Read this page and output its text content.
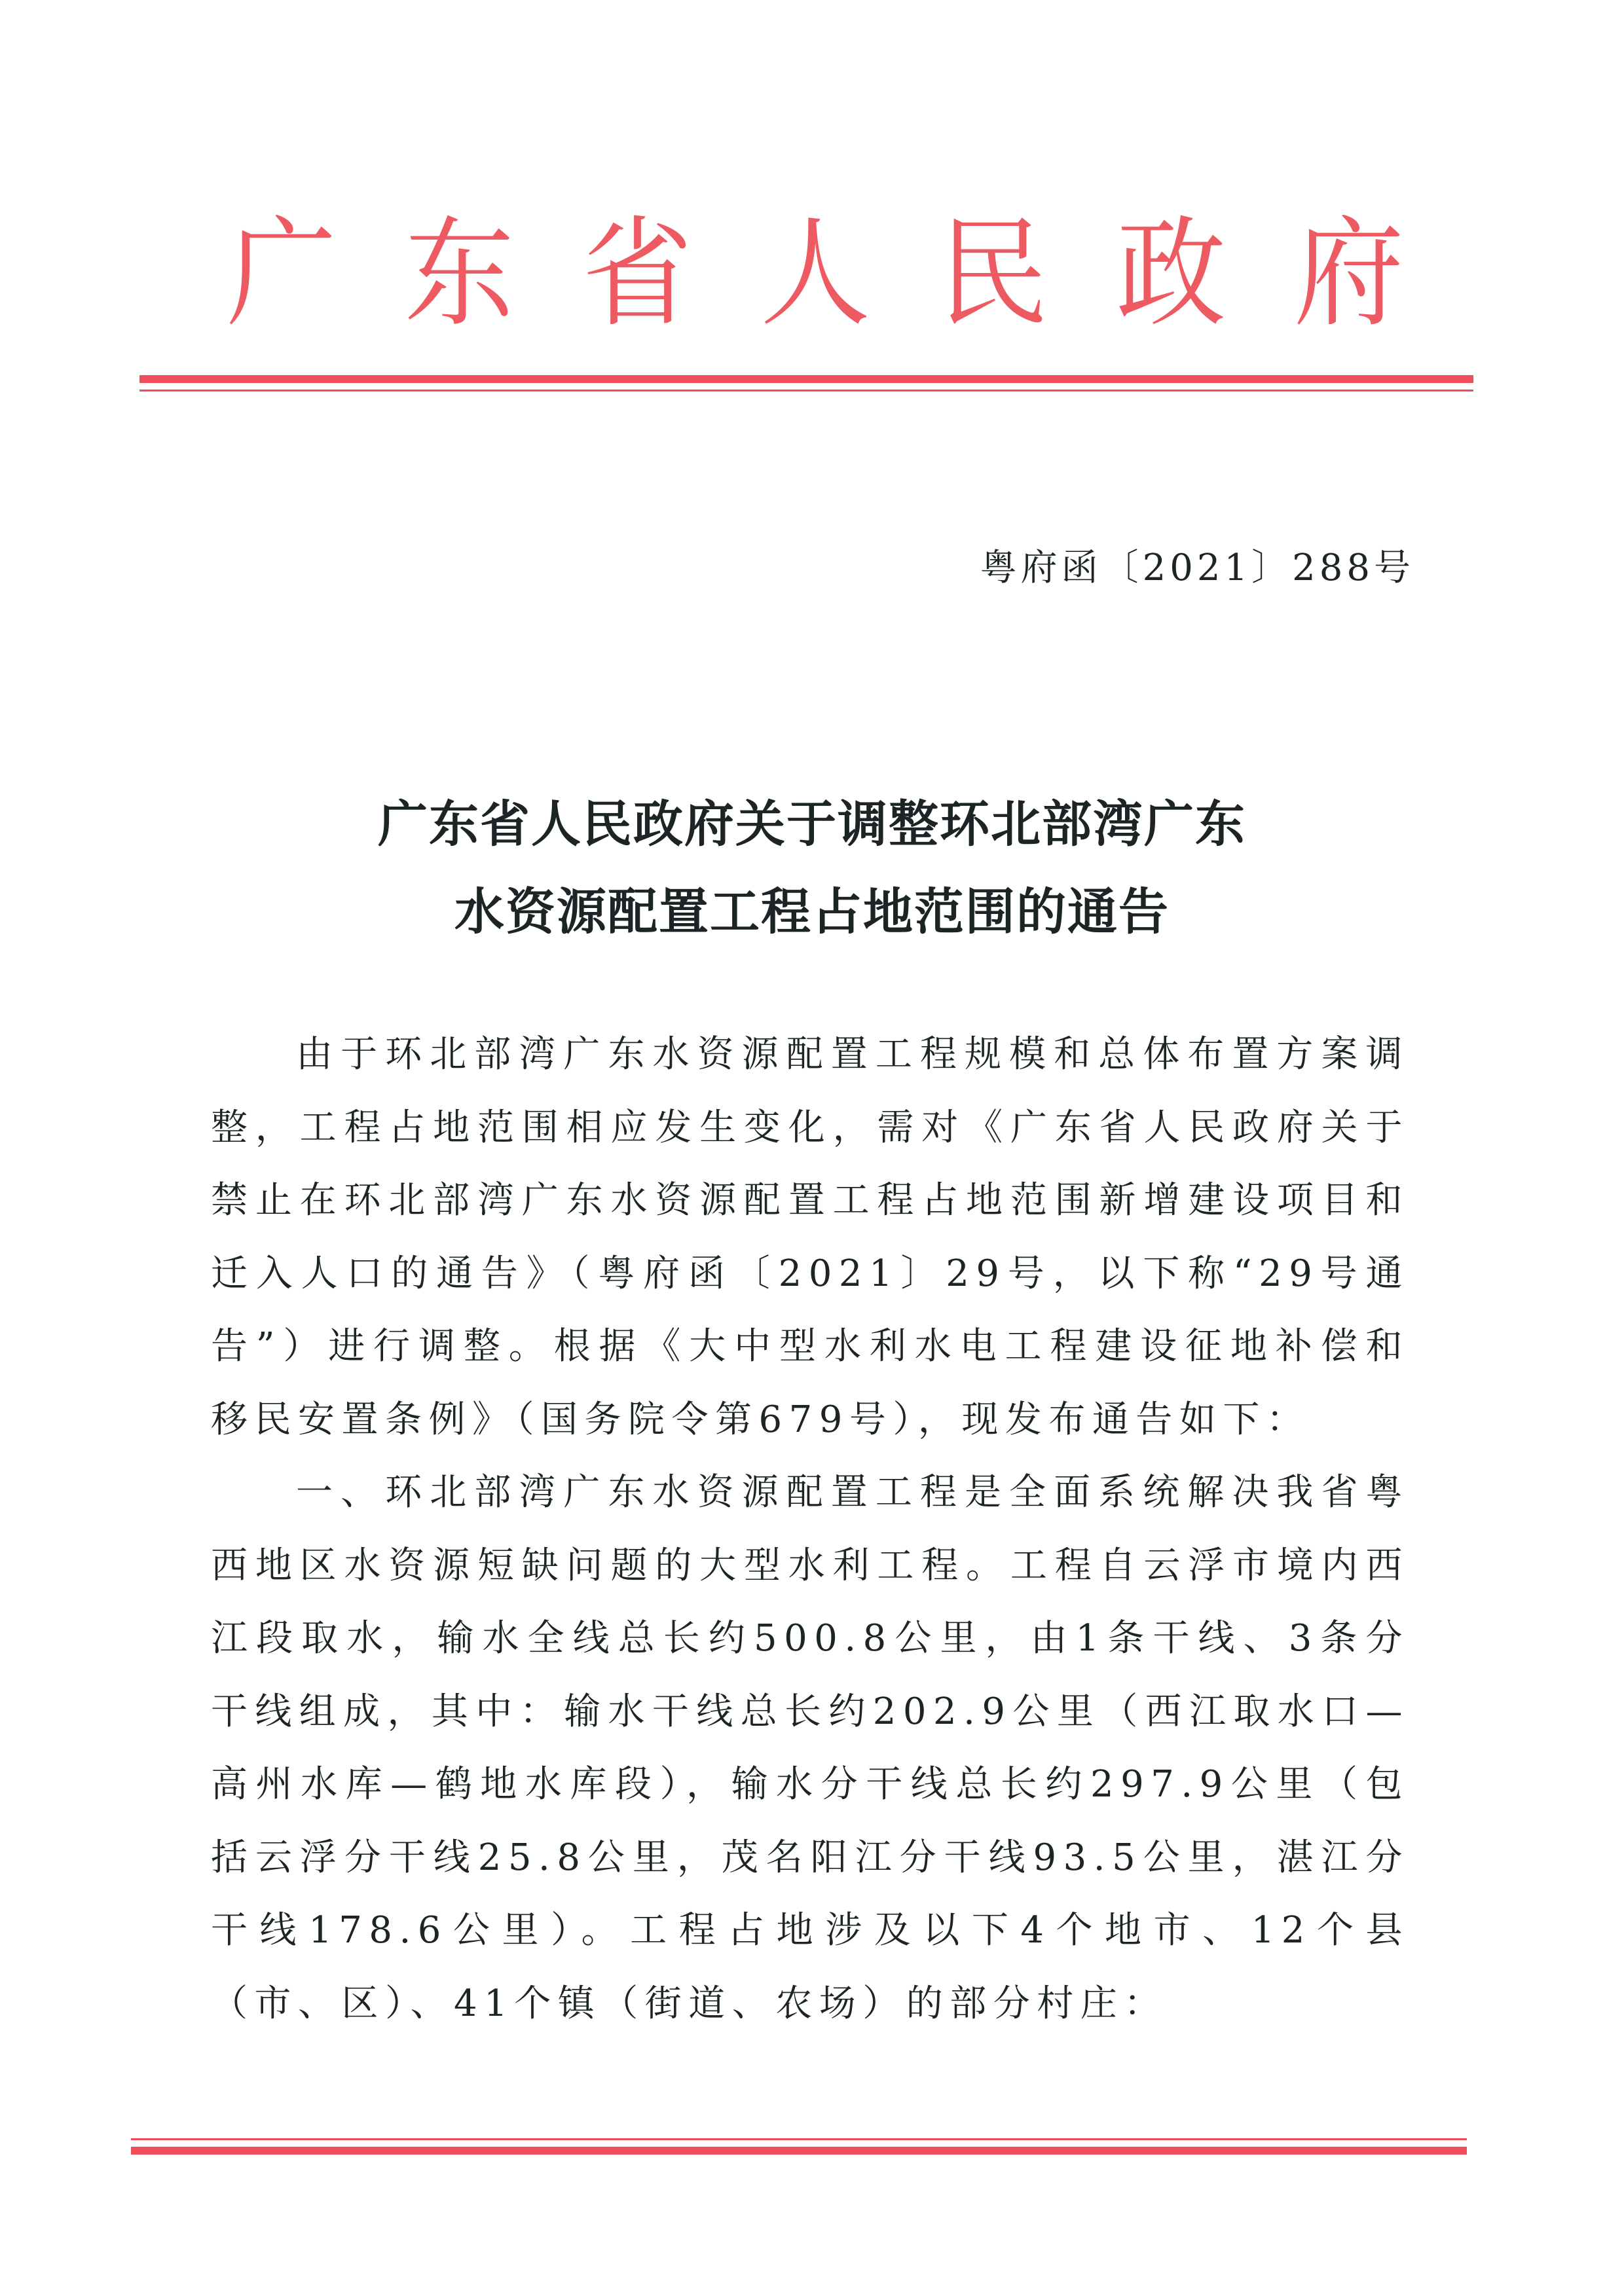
广 东 省 人 民 政 府
粤府函〔2021〕288号
广东省人民政府关于调整环北部湾广东
水资源配置工程占地范围的通告

由于环北部湾广东水资源配置工程规模和总体布置方案调整，工程占地范围相应发生变化，需对《广东省人民政府关于禁止在环北部湾广东水资源配置工程占地范围新增建设项目和迁入人口的通告》（粤府函〔2021〕29号，以下称“29号通告”）进行调整。根据《大中型水利水电工程建设征地补偿和移民安置条例》（国务院令第679号），现发布通告如下：

一、环北部湾广东水资源配置工程是全面系统解决我省粤西地区水资源短缺问题的大型水利工程。工程自云浮市境内西江段取水，输水全线总长约500.8公里，由1条干线、3条分干线组成，其中：输水干线总长约202.9公里（西江取水口—高州水库—鹤地水库段），输水分干线总长约297.9公里（包括云浮分干线25.8公里，茂名阳江分干线93.5公里，湛江分干线178.6公里）。工程占地涉及以下4个地市、12个县（市、区）、41个镇（街道、农场）的部分村庄：
